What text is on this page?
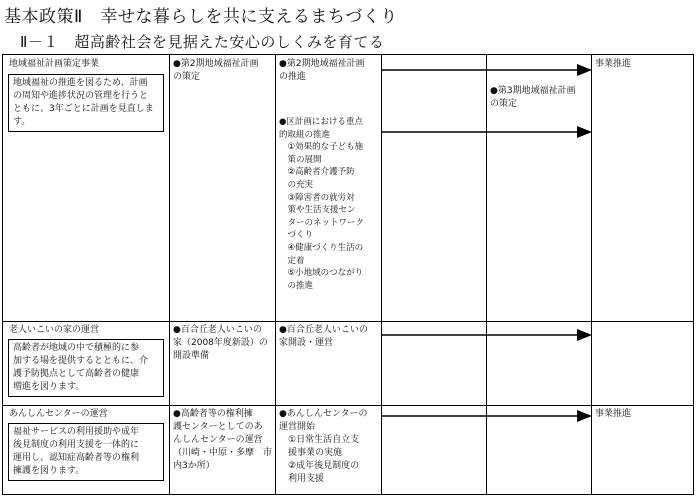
基本政策Ⅱ　幸せな暮らしを共に支えるまちづくり
Ⅱ－１　超高齢社会を見据えた安心のしくみを育てる
地域福祉計画策定事業
地域福祉の推進を図るため、計画
の周知や進捗状況の管理を行うと
ともに、3年ごとに計画を見直しま
す。
●第2期地域福祉計画
の策定
●第2期地域福祉計画
の推進
●区計画における重点
的取組の推進
　①効果的な子ども施
　策の展開
　②高齢者介護予防
　の充実
　③障害者の就労対
　策や生活支援セン
　ターのネットワーク
　づくり
　④健康づくり生活の
　定着
　⑤小地域のつながり
　の推進
●第3期地域福祉計画
の策定
事業推進
老人いこいの家の運営
高齢者が地域の中で積極的に参
加する場を提供するとともに、介
護予防拠点として高齢者の健康
増進を図ります。
●百合丘老人いこいの
家（2008年度新設）の
開設準備
●百合丘老人いこいの
家開設・運営
あんしんセンターの運営
福祉サービスの利用援助や成年
後見制度の利用支援を一体的に
運用し、認知症高齢者等の権利
擁護を図ります。
●高齢者等の権利擁
護センターとしてのあ
んしんセンターの運営
（川崎・中原・多摩　市
内3か所）
●あんしんセンターの
運営開始
　①日常生活自立支
　援事業の実施
　②成年後見制度の
　利用支援
事業推進
